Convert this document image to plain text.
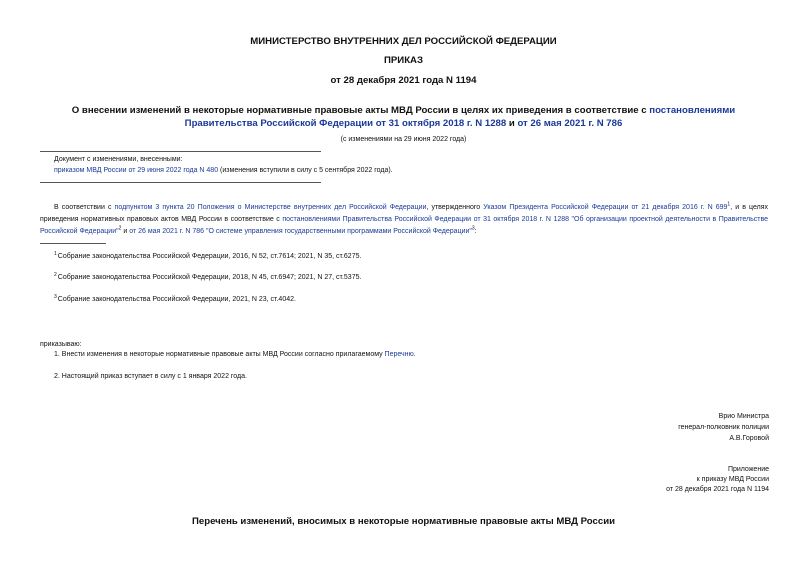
МИНИСТЕРСТВО ВНУТРЕННИХ ДЕЛ РОССИЙСКОЙ ФЕДЕРАЦИИ
ПРИКАЗ
от 28 декабря 2021 года N 1194
О внесении изменений в некоторые нормативные правовые акты МВД России в целях их приведения в соответствие с постановлениями Правительства Российской Федерации от 31 октября 2018 г. N 1288 и от 26 мая 2021 г. N 786
(с изменениями на 29 июня 2022 года)
Документ с изменениями, внесенными:
приказом МВД России от 29 июня 2022 года N 480 (изменения вступили в силу с 5 сентября 2022 года).
В соответствии с подпунктом 3 пункта 20 Положения о Министерстве внутренних дел Российской Федерации, утвержденного Указом Президента Российской Федерации от 21 декабря 2016 г. N $699^1$, и в целях приведения нормативных правовых актов МВД России в соответствие с постановлениями Правительства Российской Федерации от 31 октября 2018 г. N 1288 "Об организации проектной деятельности в Правительстве Российской Федерации"$^2$ и от 26 мая 2021 г. N 786 "О системе управления государственными программами Российской Федерации"$^3$:
$^1$Собрание законодательства Российской Федерации, 2016, N 52, ст.7614; 2021, N 35, ст.6275.
$^2$Собрание законодательства Российской Федерации, 2018, N 45, ст.6947; 2021, N 27, ст.5375.
$^3$Собрание законодательства Российской Федерации, 2021, N 23, ст.4042.
приказываю:
1. Внести изменения в некоторые нормативные правовые акты МВД России согласно прилагаемому Перечню.
2. Настоящий приказ вступает в силу с 1 января 2022 года.
Врио Министра
генерал-полковник полиции
А.В.Горовой
Приложение
к приказу МВД России
от 28 декабря 2021 года N 1194
Перечень изменений, вносимых в некоторые нормативные правовые акты МВД России
